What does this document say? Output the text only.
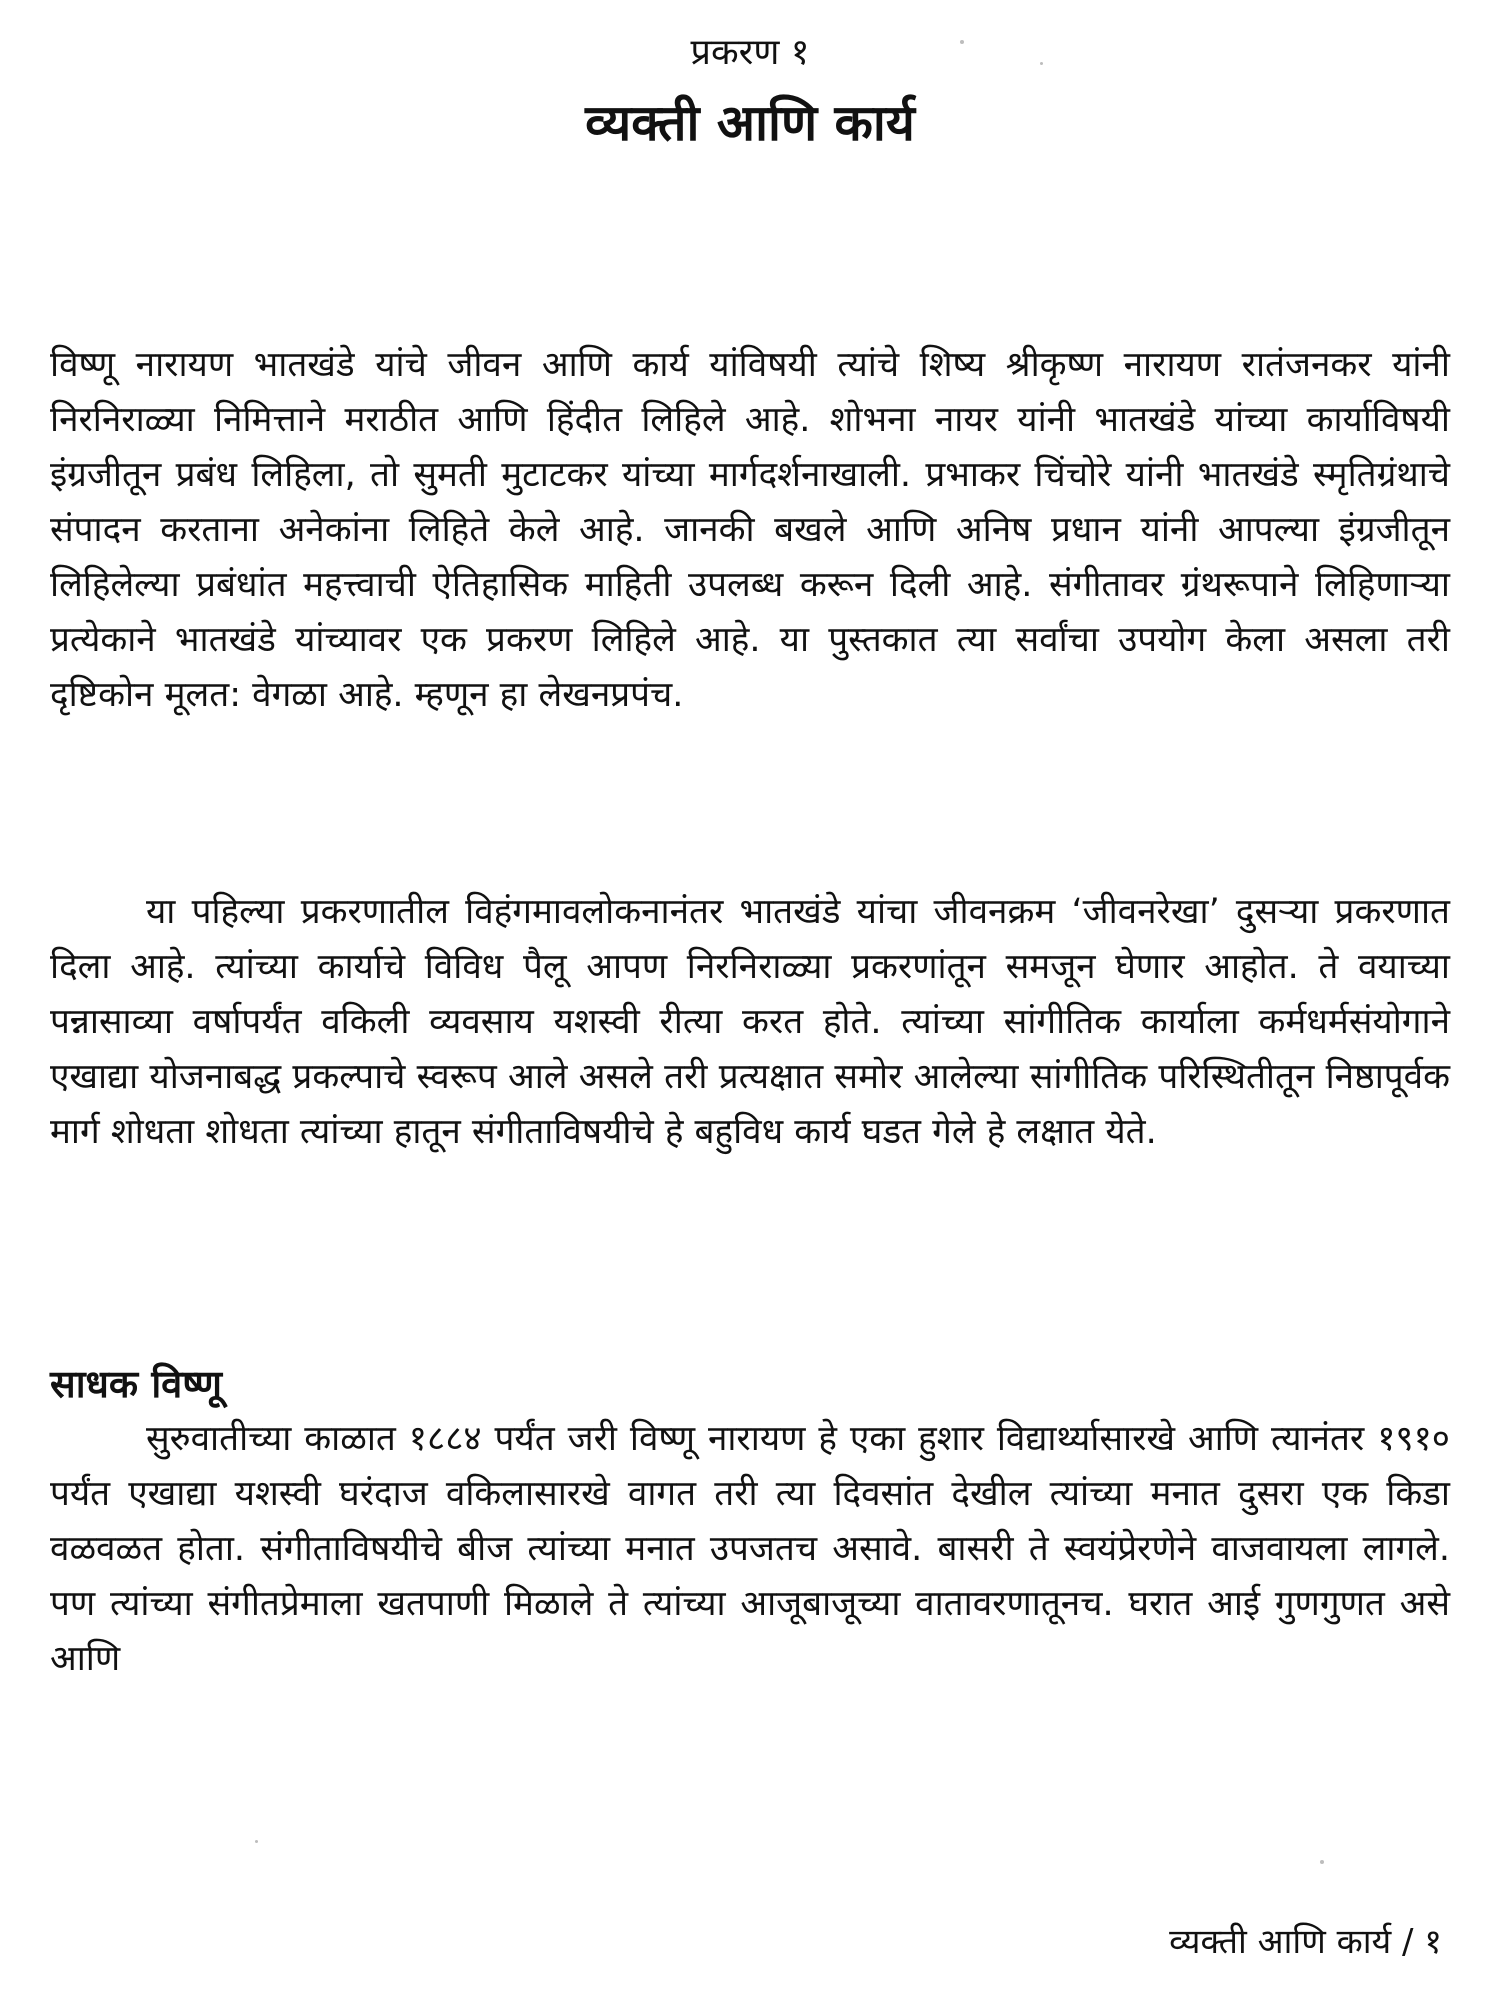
प्रकरण १
व्यक्ती आणि कार्य

विष्णू नारायण भातखंडे यांचे जीवन आणि कार्य यांविषयी त्यांचे शिष्य श्रीकृष्ण नारायण रातंजनकर यांनी निरनिराळ्या निमित्ताने मराठीत आणि हिंदीत लिहिले आहे. शोभना नायर यांनी भातखंडे यांच्या कार्याविषयी इंग्रजीतून प्रबंध लिहिला, तो सुमती मुटाटकर यांच्या मार्गदर्शनाखाली. प्रभाकर चिंचोरे यांनी भातखंडे स्मृतिग्रंथाचे संपादन करताना अनेकांना लिहिते केले आहे. जानकी बखले आणि अनिष प्रधान यांनी आपल्या इंग्रजीतून लिहिलेल्या प्रबंधांत महत्त्वाची ऐतिहासिक माहिती उपलब्ध करून दिली आहे. संगीतावर ग्रंथरूपाने लिहिणाऱ्या प्रत्येकाने भातखंडे यांच्यावर एक प्रकरण लिहिले आहे. या पुस्तकात त्या सर्वांचा उपयोग केला असला तरी दृष्टिकोन मूलत: वेगळा आहे. म्हणून हा लेखनप्रपंच.

या पहिल्या प्रकरणातील विहंगमावलोकनानंतर भातखंडे यांचा जीवनक्रम ‘जीवनरेखा’ दुसऱ्या प्रकरणात दिला आहे. त्यांच्या कार्याचे विविध पैलू आपण निरनिराळ्या प्रकरणांतून समजून घेणार आहोत. ते वयाच्या पन्नासाव्या वर्षापर्यंत वकिली व्यवसाय यशस्वी रीत्या करत होते. त्यांच्या सांगीतिक कार्याला कर्मधर्मसंयोगाने एखाद्या योजनाबद्ध प्रकल्पाचे स्वरूप आले असले तरी प्रत्यक्षात समोर आलेल्या सांगीतिक परिस्थितीतून निष्ठापूर्वक मार्ग शोधता शोधता त्यांच्या हातून संगीताविषयीचे हे बहुविध कार्य घडत गेले हे लक्षात येते.

साधक विष्णू

सुरुवातीच्या काळात १८८४ पर्यंत जरी विष्णू नारायण हे एका हुशार विद्यार्थ्यासारखे आणि त्यानंतर १९१० पर्यंत एखाद्या यशस्वी घरंदाज वकिलासारखे वागत तरी त्या दिवसांत देखील त्यांच्या मनात दुसरा एक किडा वळवळत होता. संगीताविषयीचे बीज त्यांच्या मनात उपजतच असावे. बासरी ते स्वयंप्रेरणेने वाजवायला लागले. पण त्यांच्या संगीतप्रेमाला खतपाणी मिळाले ते त्यांच्या आजूबाजूच्या वातावरणातूनच. घरात आई गुणगुणत असे आणि

व्यक्ती आणि कार्य / १
